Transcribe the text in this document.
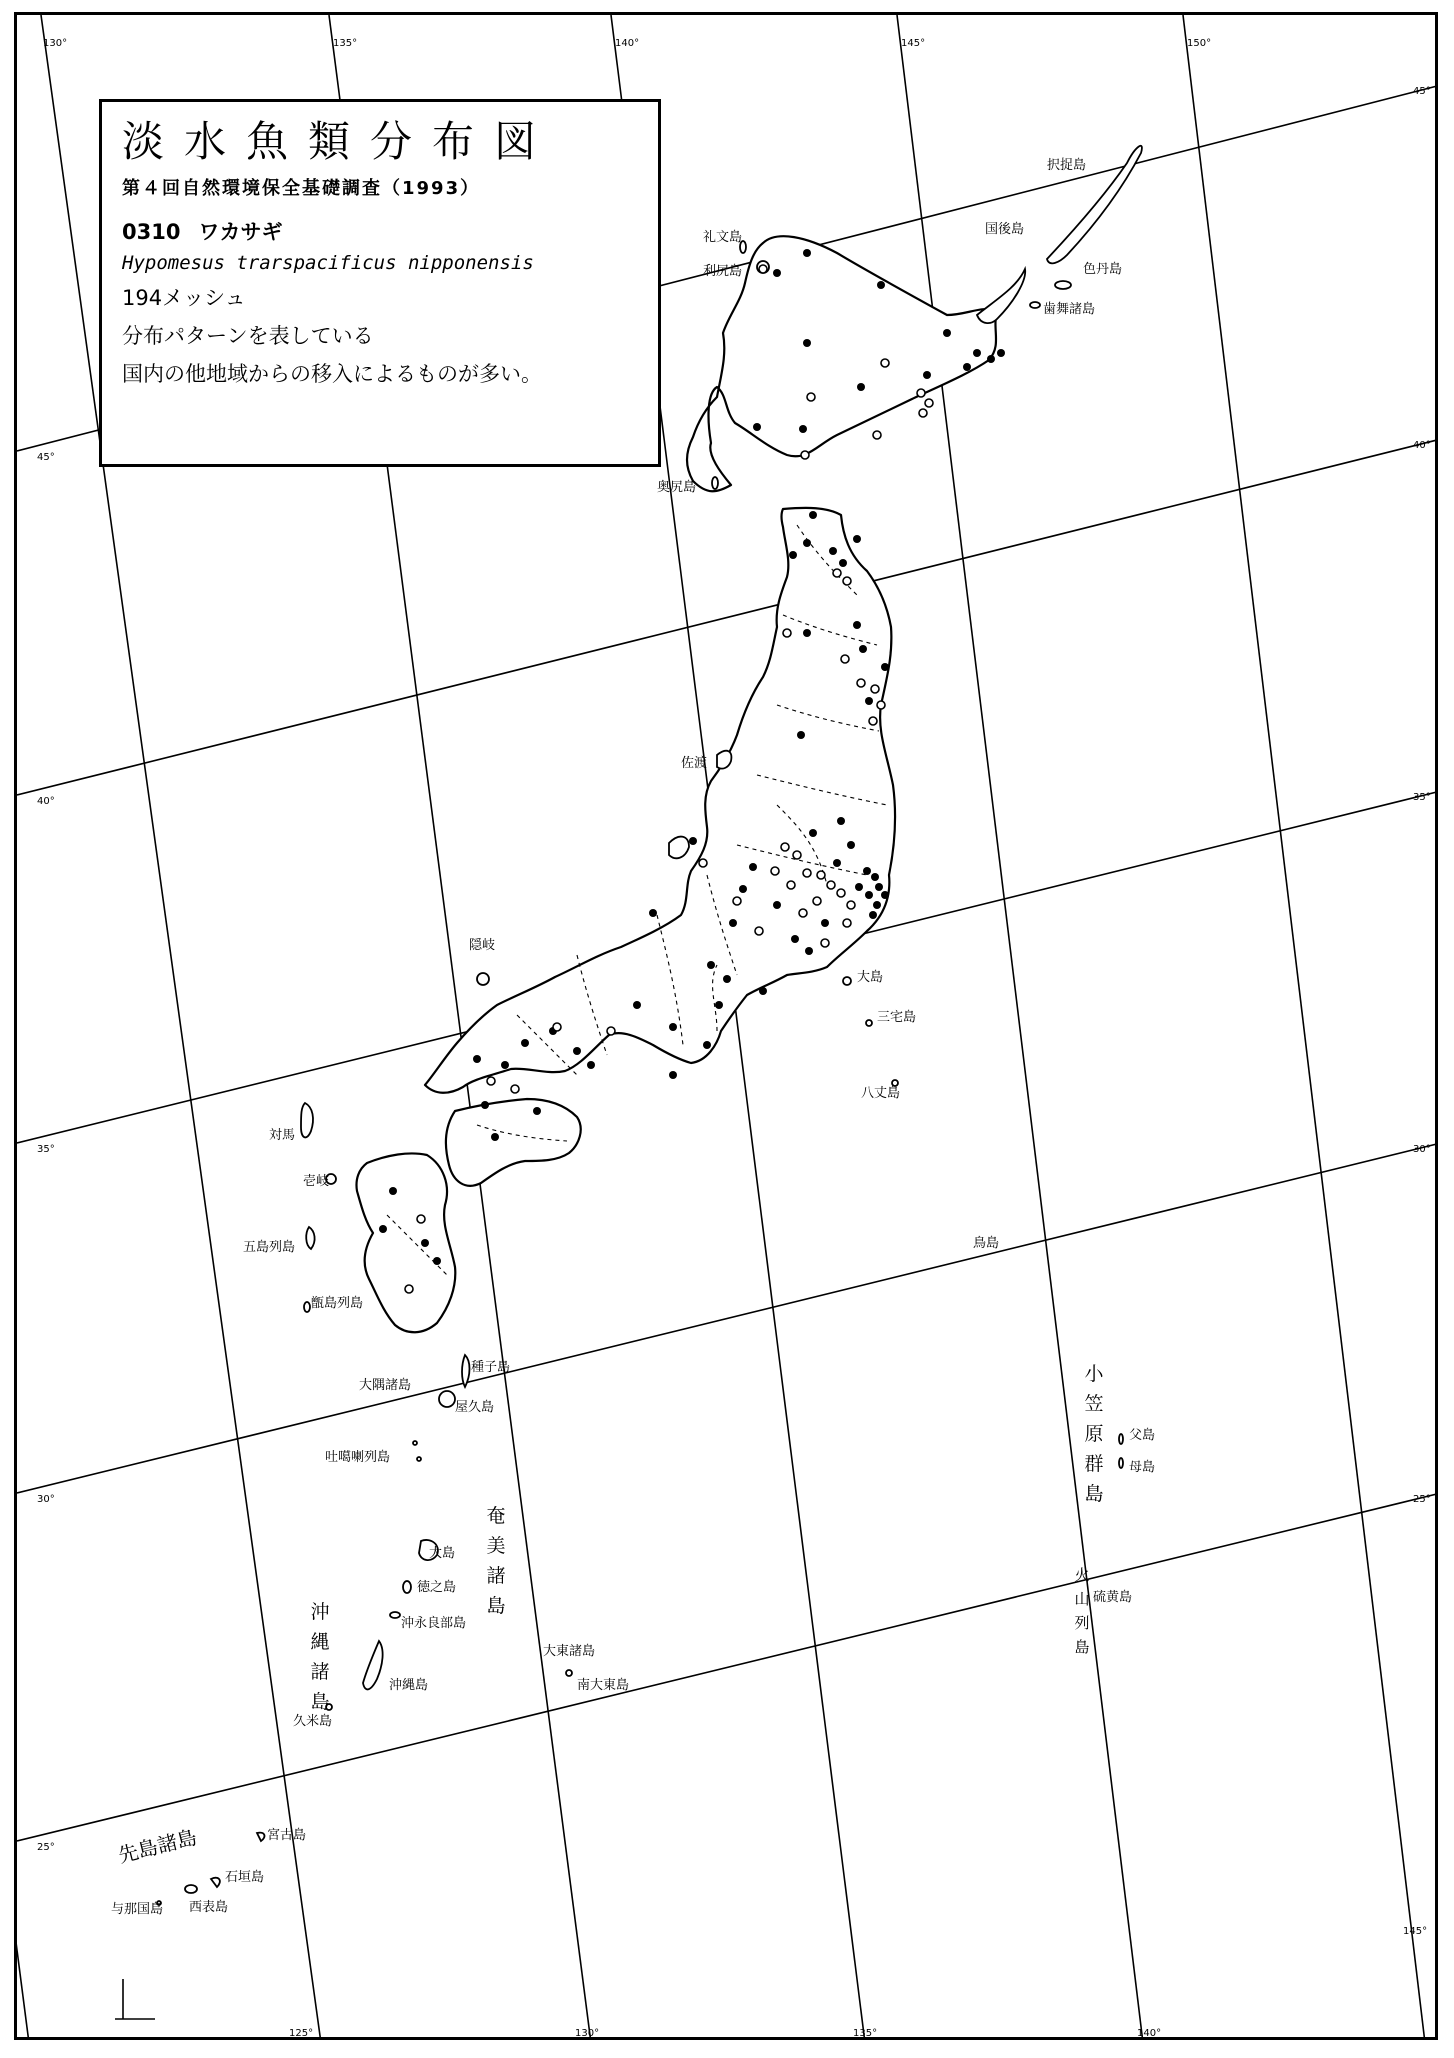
130°	135°	140°	145°	150°
125°	130°	135°	140°
45°
40°
35°
30°
25°
45°
40°
35°
30°
25°
145°
択捉島
国後島
色丹島
歯舞諸島
礼文島
利尻島
奥尻島
佐渡
隠岐
大島
三宅島
八丈島
対馬
壱岐
五島列島
甑島列島
鳥島
種子島
大隅諸島
屋久島
吐噶喇列島
大島
徳之島
沖永良部島
沖縄島
久米島
大東諸島
南大東島
父島
母島
硫黄島
宮古島
石垣島
与那国島 西表島
小笠原群島
奄美諸島
沖縄諸島
火山列島
先島諸島
淡水魚類分布図
第４回自然環境保全基礎調査（1993）
0310 ワカサギ
Hypomesus trarspacificus nipponensis
194メッシュ
分布パターンを表している
国内の他地域からの移入によるものが多い。
